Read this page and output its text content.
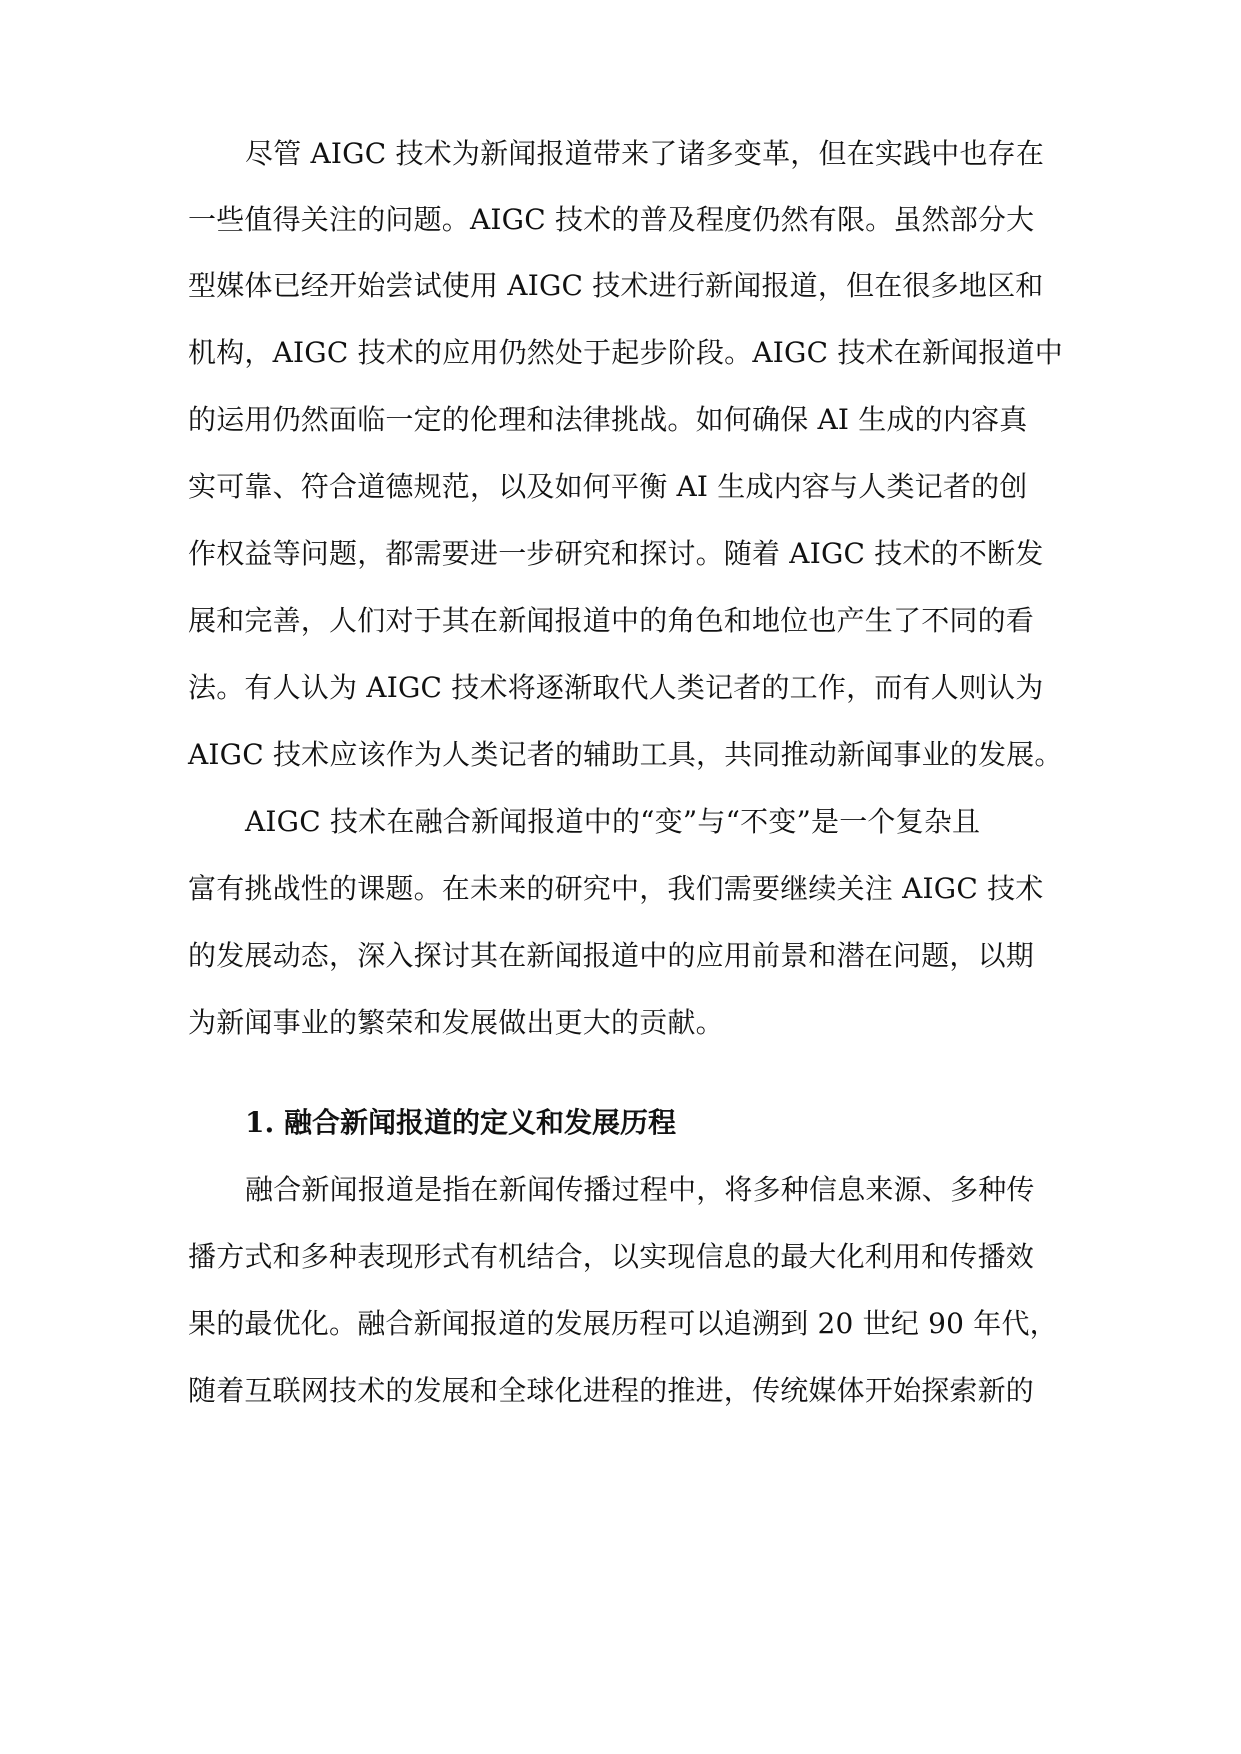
尽管 AIGC 技术为新闻报道带来了诸多变革，但在实践中也存在

一些值得关注的问题。AIGC 技术的普及程度仍然有限。虽然部分大

型媒体已经开始尝试使用 AIGC 技术进行新闻报道，但在很多地区和

机构，AIGC 技术的应用仍然处于起步阶段。AIGC 技术在新闻报道中

的运用仍然面临一定的伦理和法律挑战。如何确保 AI 生成的内容真

实可靠、符合道德规范，以及如何平衡 AI 生成内容与人类记者的创

作权益等问题，都需要进一步研究和探讨。随着 AIGC 技术的不断发

展和完善，人们对于其在新闻报道中的角色和地位也产生了不同的看

法。有人认为 AIGC 技术将逐渐取代人类记者的工作，而有人则认为

AIGC 技术应该作为人类记者的辅助工具，共同推动新闻事业的发展。

AIGC 技术在融合新闻报道中的“变”与“不变”是一个复杂且

富有挑战性的课题。在未来的研究中，我们需要继续关注 AIGC 技术

的发展动态，深入探讨其在新闻报道中的应用前景和潜在问题，以期

为新闻事业的繁荣和发展做出更大的贡献。

1. 融合新闻报道的定义和发展历程

融合新闻报道是指在新闻传播过程中，将多种信息来源、多种传

播方式和多种表现形式有机结合，以实现信息的最大化利用和传播效

果的最优化。融合新闻报道的发展历程可以追溯到 20 世纪 90 年代，

随着互联网技术的发展和全球化进程的推进，传统媒体开始探索新的
